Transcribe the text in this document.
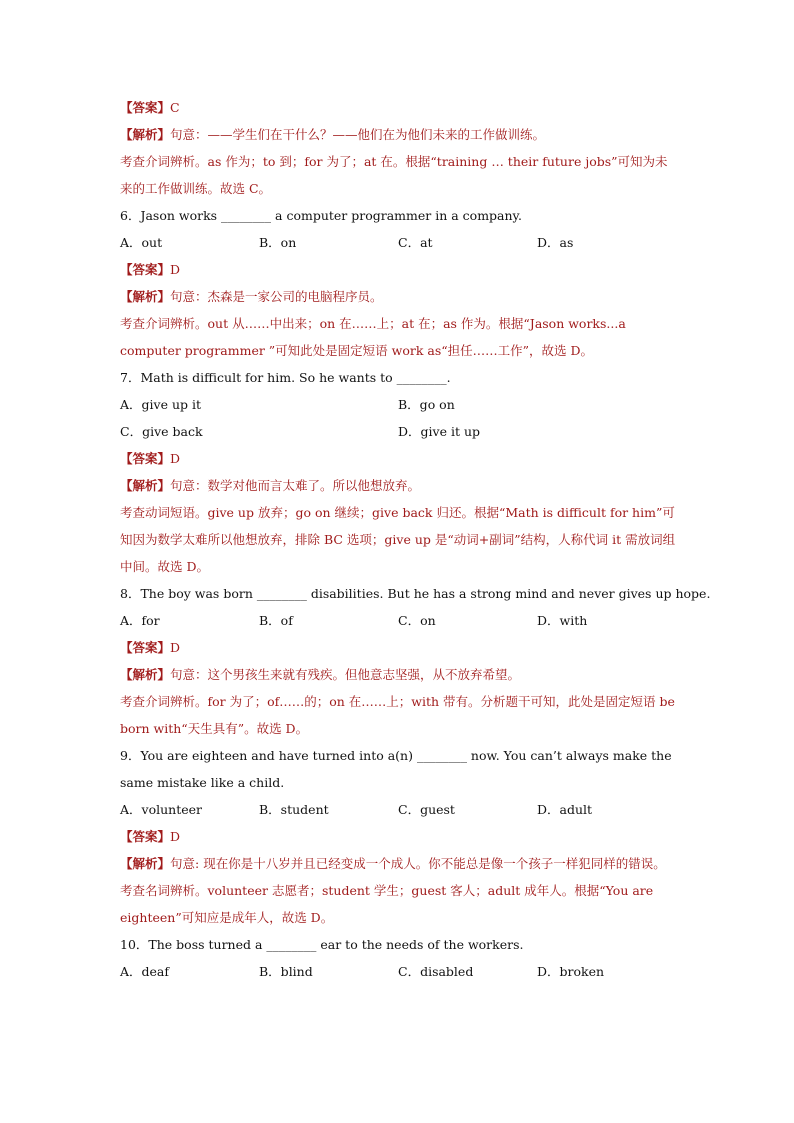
【答案】C
【解析】句意：——学生们在干什么？——他们在为他们未来的工作做训练。
考查介词辨析。as 作为；to 到；for 为了；at 在。根据“training … their future jobs”可知为未来的工作做训练。故选 C。
6．Jason works ________ a computer programmer in a company.
A．out	B．on	C．at	D．as
【答案】D
【解析】句意：杰森是一家公司的电脑程序员。
考查介词辨析。out 从……中出来；on 在……上；at 在；as 作为。根据“Jason works...a computer programmer ”可知此处是固定短语 work as“担任……工作”，故选 D。
7．Math is difficult for him. So he wants to ________.
A．give up it	B．go on
C．give back	D．give it up
【答案】D
【解析】句意：数学对他而言太难了。所以他想放弃。
考查动词短语。give up 放弃；go on 继续；give back 归还。根据“Math is difficult for him”可知因为数学太难所以他想放弃，排除 BC 选项；give up 是“动词+副词”结构，人称代词 it 需放词组中间。故选 D。
8．The boy was born ________ disabilities. But he has a strong mind and never gives up hope.
A．for	B．of	C．on	D．with
【答案】D
【解析】句意：这个男孩生来就有残疾。但他意志坚强，从不放弃希望。
考查介词辨析。for 为了；of……的；on 在……上；with 带有。分析题干可知，此处是固定短语 be born with“天生具有”。故选 D。
9．You are eighteen and have turned into a(n) ________ now. You can’t always make the same mistake like a child.
A．volunteer	B．student	C．guest	D．adult
【答案】D
【解析】句意: 现在你是十八岁并且已经变成一个成人。你不能总是像一个孩子一样犯同样的错误。
考查名词辨析。volunteer 志愿者；student 学生；guest 客人；adult 成年人。根据“You are eighteen”可知应是成年人，故选 D。
10．The boss turned a ________ ear to the needs of the workers.
A．deaf	B．blind	C．disabled	D．broken
